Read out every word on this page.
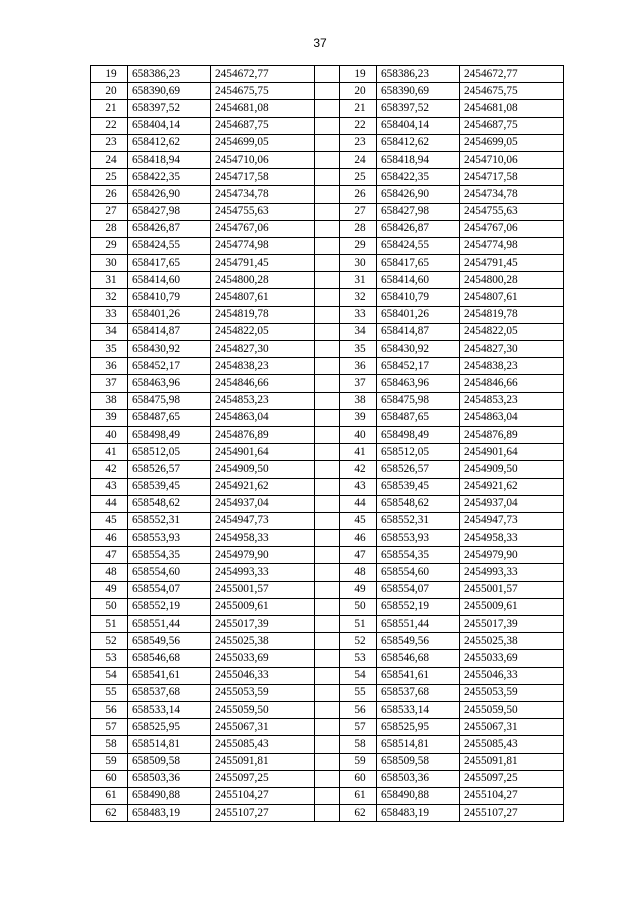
37
19	658386,23	2454672,77		19	658386,23	2454672,77
20	658390,69	2454675,75		20	658390,69	2454675,75
21	658397,52	2454681,08		21	658397,52	2454681,08
22	658404,14	2454687,75		22	658404,14	2454687,75
23	658412,62	2454699,05		23	658412,62	2454699,05
24	658418,94	2454710,06		24	658418,94	2454710,06
25	658422,35	2454717,58		25	658422,35	2454717,58
26	658426,90	2454734,78		26	658426,90	2454734,78
27	658427,98	2454755,63		27	658427,98	2454755,63
28	658426,87	2454767,06		28	658426,87	2454767,06
29	658424,55	2454774,98		29	658424,55	2454774,98
30	658417,65	2454791,45		30	658417,65	2454791,45
31	658414,60	2454800,28		31	658414,60	2454800,28
32	658410,79	2454807,61		32	658410,79	2454807,61
33	658401,26	2454819,78		33	658401,26	2454819,78
34	658414,87	2454822,05		34	658414,87	2454822,05
35	658430,92	2454827,30		35	658430,92	2454827,30
36	658452,17	2454838,23		36	658452,17	2454838,23
37	658463,96	2454846,66		37	658463,96	2454846,66
38	658475,98	2454853,23		38	658475,98	2454853,23
39	658487,65	2454863,04		39	658487,65	2454863,04
40	658498,49	2454876,89		40	658498,49	2454876,89
41	658512,05	2454901,64		41	658512,05	2454901,64
42	658526,57	2454909,50		42	658526,57	2454909,50
43	658539,45	2454921,62		43	658539,45	2454921,62
44	658548,62	2454937,04		44	658548,62	2454937,04
45	658552,31	2454947,73		45	658552,31	2454947,73
46	658553,93	2454958,33		46	658553,93	2454958,33
47	658554,35	2454979,90		47	658554,35	2454979,90
48	658554,60	2454993,33		48	658554,60	2454993,33
49	658554,07	2455001,57		49	658554,07	2455001,57
50	658552,19	2455009,61		50	658552,19	2455009,61
51	658551,44	2455017,39		51	658551,44	2455017,39
52	658549,56	2455025,38		52	658549,56	2455025,38
53	658546,68	2455033,69		53	658546,68	2455033,69
54	658541,61	2455046,33		54	658541,61	2455046,33
55	658537,68	2455053,59		55	658537,68	2455053,59
56	658533,14	2455059,50		56	658533,14	2455059,50
57	658525,95	2455067,31		57	658525,95	2455067,31
58	658514,81	2455085,43		58	658514,81	2455085,43
59	658509,58	2455091,81		59	658509,58	2455091,81
60	658503,36	2455097,25		60	658503,36	2455097,25
61	658490,88	2455104,27		61	658490,88	2455104,27
62	658483,19	2455107,27		62	658483,19	2455107,27
